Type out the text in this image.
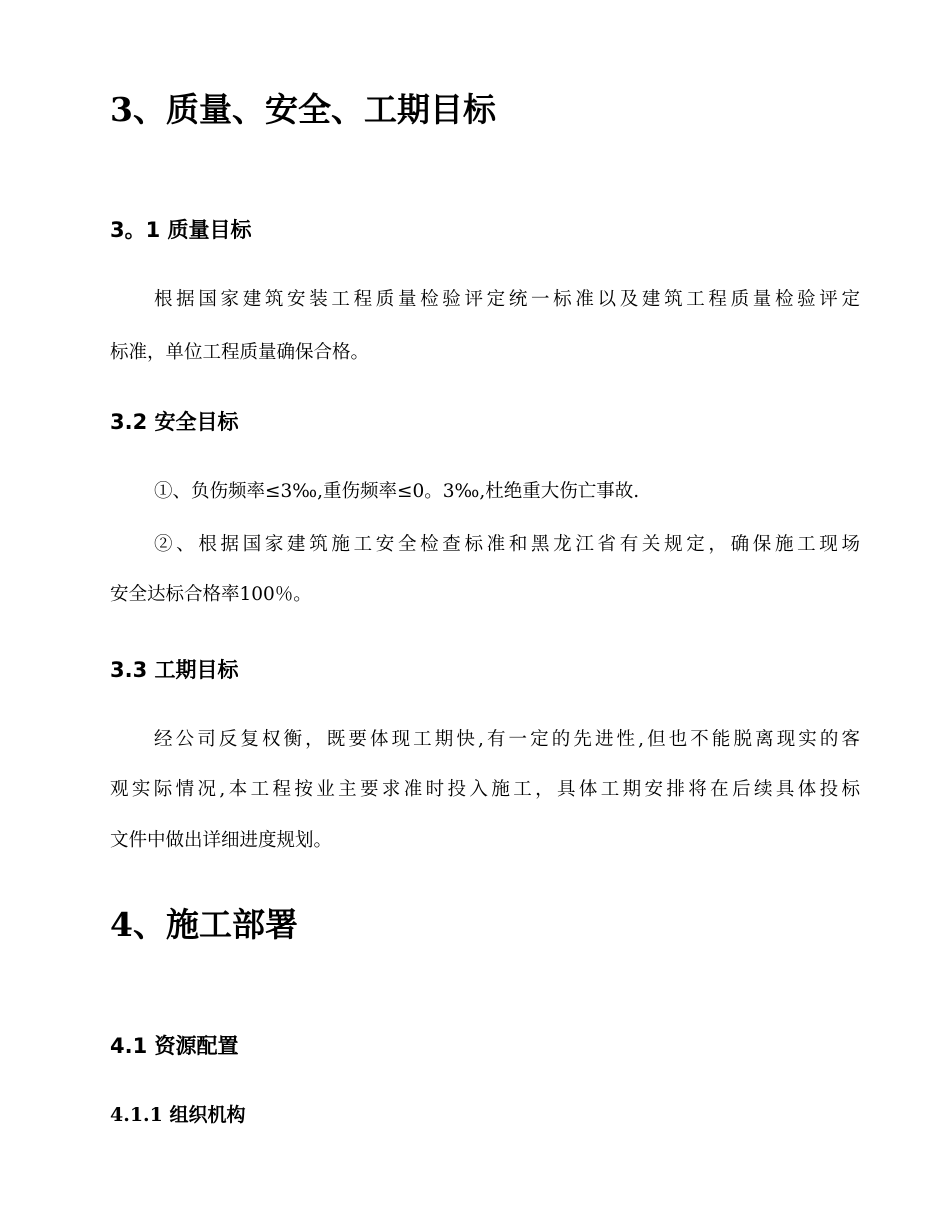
3、质量、安全、工期目标
3。1 质量目标
根据国家建筑安装工程质量检验评定统一标准以及建筑工程质量检验评定
标准，单位工程质量确保合格。
3.2 安全目标
①、负伤频率≤3‰,重伤频率≤0。3‰,杜绝重大伤亡事故.
②、根据国家建筑施工安全检查标准和黑龙江省有关规定，确保施工现场
安全达标合格率100％。
3.3 工期目标
经公司反复权衡，既要体现工期快,有一定的先进性,但也不能脱离现实的客
观实际情况,本工程按业主要求准时投入施工，具体工期安排将在后续具体投标
文件中做出详细进度规划。
4、施工部署
4.1 资源配置
4.1.1 组织机构
